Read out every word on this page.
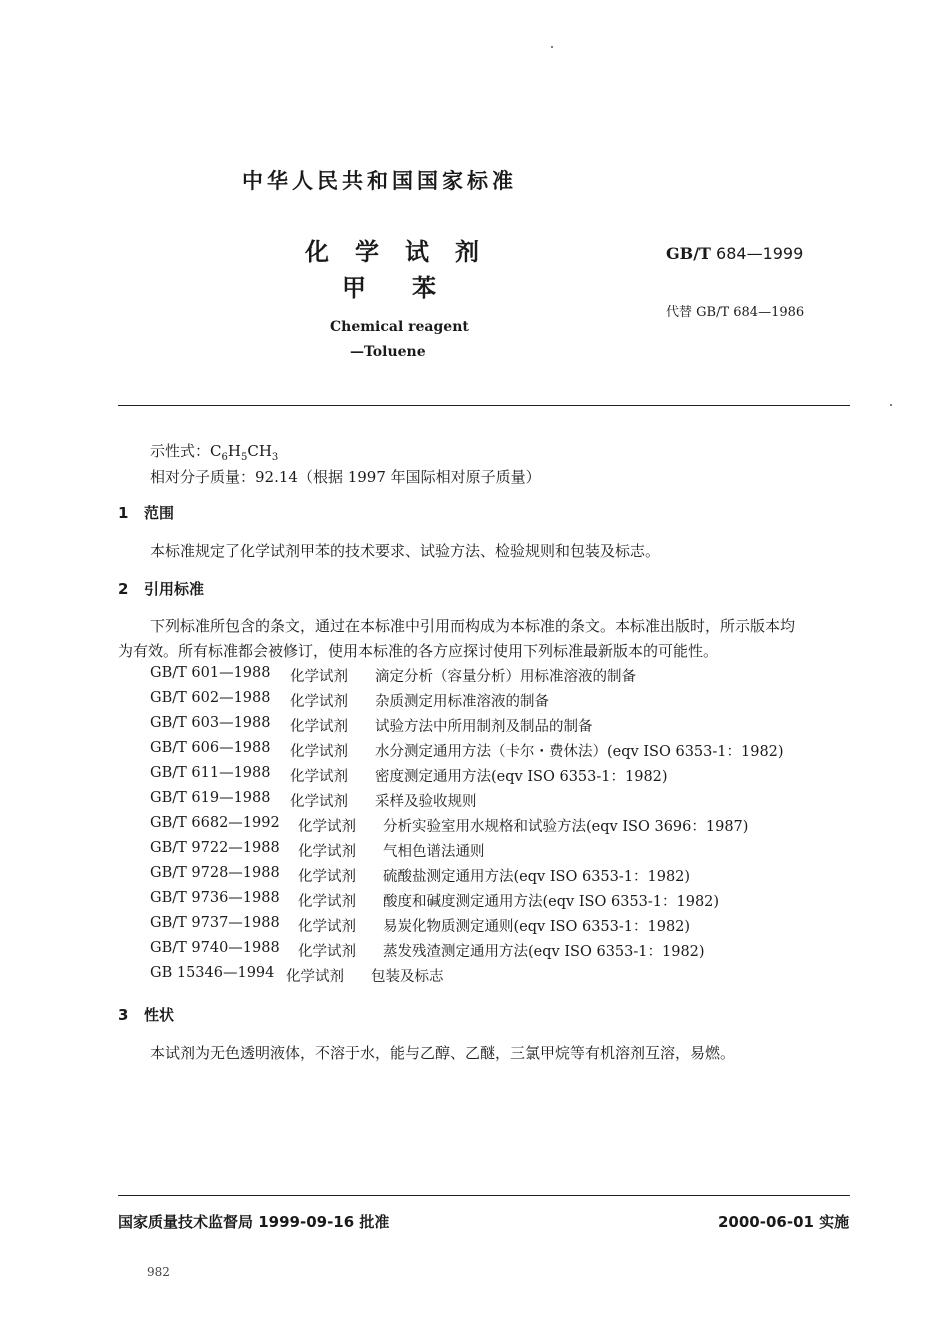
中华人民共和国国家标准
化学试剂
甲苯
GB/T 684—1999
代替 GB/T 684—1986
Chemical reagent
—Toluene
示性式：$C_6H_5CH_3$
相对分子质量：92.14（根据 1997 年国际相对原子质量）
1 范围
本标准规定了化学试剂甲苯的技术要求、试验方法、检验规则和包装及标志。
2 引用标准
下列标准所包含的条文，通过在本标准中引用而构成为本标准的条文。本标准出版时，所示版本均
为有效。所有标准都会被修订，使用本标准的各方应探讨使用下列标准最新版本的可能性。
GB/T 601—1988 化学试剂 滴定分析（容量分析）用标准溶液的制备
GB/T 602—1988 化学试剂 杂质测定用标准溶液的制备
GB/T 603—1988 化学试剂 试验方法中所用制剂及制品的制备
GB/T 606—1988 化学试剂 水分测定通用方法（卡尔・费休法）(eqv ISO 6353-1：1982)
GB/T 611—1988 化学试剂 密度测定通用方法(eqv ISO 6353-1：1982)
GB/T 619—1988 化学试剂 采样及验收规则
GB/T 6682—1992 化学试剂 分析实验室用水规格和试验方法(eqv ISO 3696：1987)
GB/T 9722—1988 化学试剂 气相色谱法通则
GB/T 9728—1988 化学试剂 硫酸盐测定通用方法(eqv ISO 6353-1：1982)
GB/T 9736—1988 化学试剂 酸度和碱度测定通用方法(eqv ISO 6353-1：1982)
GB/T 9737—1988 化学试剂 易炭化物质测定通则(eqv ISO 6353-1：1982)
GB/T 9740—1988 化学试剂 蒸发残渣测定通用方法(eqv ISO 6353-1：1982)
GB 15346—1994 化学试剂 包装及标志
3 性状
本试剂为无色透明液体，不溶于水，能与乙醇、乙醚，三氯甲烷等有机溶剂互溶，易燃。
国家质量技术监督局 1999-09-16 批准	2000-06-01 实施
982
